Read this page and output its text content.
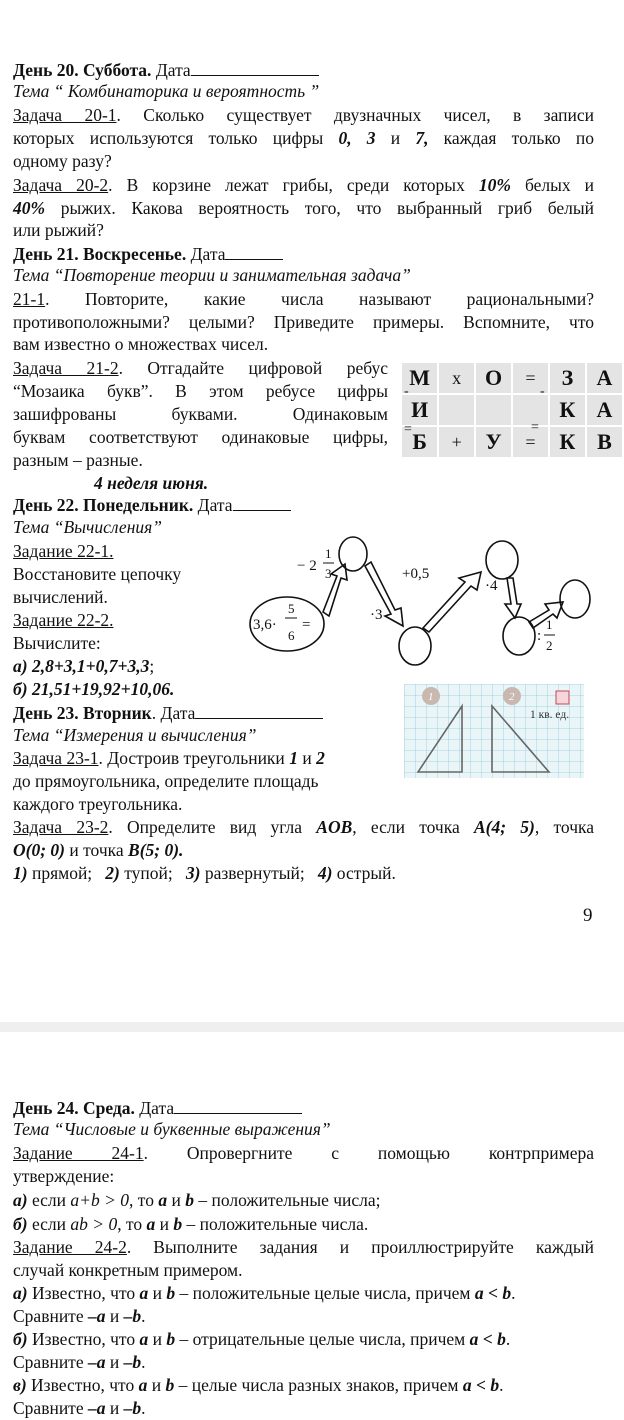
День 20. Суббота. Дата
Тема “ Комбинаторика и вероятность ”
Задача 20-1. Сколько существует двузначных чисел, в записи
которых используются только цифры 0, 3 и 7, каждая только по
одному разу?
Задача 20-2. В корзине лежат грибы, среди которых 10% белых и
40% рыжих. Какова вероятность того, что выбранный гриб белый
или рыжий?
День 21. Воскресенье. Дата
Тема “Повторение теории и занимательная задача”
21-1. Повторите, какие числа называют рациональными?
противоположными? целыми? Приведите примеры. Вспомните, что
вам известно о множествах чисел.
Задача 21-2. Отгадайте цифровой ребус
“Мозаика букв”. В этом ребусе цифры
зашифрованы буквами. Одинаковым
буквам соответствуют одинаковые цифры,
разным – разные.
М	х	О	=	З	А
И				К	А
Б	+	У	=	К	В
-
=
-
=
4 неделя июня.
День 22. Понедельник. Дата
Тема “Вычисления”
Задание 22-1.
Восстановите цепочку
вычислений.
Задание 22-2.
Вычислите:
а) 2,8+3,1+0,7+3,3;
б) 21,51+19,92+10,06.
3,6·
5
6
=
− 2
1
3
·3
+0,5
·4
:
1
2
День 23. Вторник. Дата
Тема “Измерения и вычисления”
Задача 23-1. Достроив треугольники 1 и 2
до прямоугольника, определите площадь
каждого треугольника.
1	2
1 кв. ед.
Задача 23-2. Определите вид угла AOB, если точка A(4; 5), точка
O(0; 0) и точка B(5; 0).
1) прямой; 2) тупой; 3) развернутый; 4) острый.
9
День 24. Среда. Дата
Тема “Числовые и буквенные выражения”
Задание 24-1. Опровергните с помощью контрпримера
утверждение:
а) если a+b > 0, то a и b – положительные числа;
б) если ab > 0, то a и b – положительные числа.
Задание 24-2. Выполните задания и проиллюстрируйте каждый
случай конкретным примером.
а) Известно, что a и b – положительные целые числа, причем a < b.
Сравните –a и –b.
б) Известно, что a и b – отрицательные целые числа, причем a < b.
Сравните –a и –b.
в) Известно, что a и b – целые числа разных знаков, причем a < b.
Сравните –a и –b.
